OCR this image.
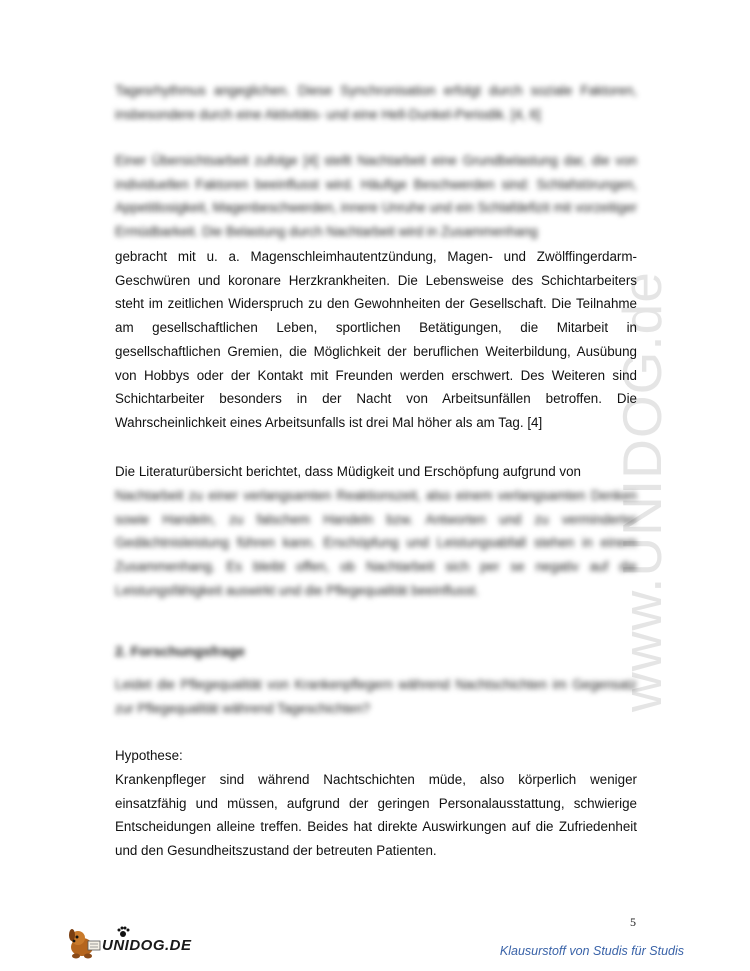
www.UNIDOG.de

Tagesrhythmus angeglichen. Diese Synchronisation erfolgt durch soziale Faktoren, insbesondere durch eine Aktivitäts- und eine Hell-Dunkel-Periodik. [4, 6]

Einer Übersichtsarbeit zufolge [4] stellt Nachtarbeit eine Grundbelastung dar, die von individuellen Faktoren beeinflusst wird. Häufige Beschwerden sind: Schlafstörungen, Appetitlosigkeit, Magenbeschwerden, innere Unruhe und ein Schlafdefizit mit vorzeitiger Ermüdbarkeit. Die Belastung durch Nachtarbeit wird in Zusammenhang

gebracht mit u. a. Magenschleimhautentzündung, Magen- und Zwölffingerdarm-Geschwüren und koronare Herzkrankheiten. Die Lebensweise des Schichtarbeiters steht im zeitlichen Widerspruch zu den Gewohnheiten der Gesellschaft. Die Teilnahme am gesellschaftlichen Leben, sportlichen Betätigungen, die Mitarbeit in gesellschaftlichen Gremien, die Möglichkeit der beruflichen Weiterbildung, Ausübung von Hobbys oder der Kontakt mit Freunden werden erschwert. Des Weiteren sind Schichtarbeiter besonders in der Nacht von Arbeitsunfällen betroffen. Die Wahrscheinlichkeit eines Arbeitsunfalls ist drei Mal höher als am Tag. [4]

Die Literaturübersicht berichtet, dass Müdigkeit und Erschöpfung aufgrund von

Nachtarbeit zu einer verlangsamten Reaktionszeit, also einem verlangsamten Denken sowie Handeln, zu falschem Handeln bzw. Antworten und zu verminderter Gedächtnisleistung führen kann. Erschöpfung und Leistungsabfall stehen in einem Zusammenhang. Es bleibt offen, ob Nachtarbeit sich per se negativ auf die Leistungsfähigkeit auswirkt und die Pflegequalität beeinflusst.

2. Forschungsfrage

Leidet die Pflegequalität von Krankenpflegern während Nachtschichten im Gegensatz zur Pflegequalität während Tageschichten?

Hypothese:

Krankenpfleger sind während Nachtschichten müde, also körperlich weniger einsatzfähig und müssen, aufgrund der geringen Personalausstattung, schwierige Entscheidungen alleine treffen. Beides hat direkte Auswirkungen auf die Zufriedenheit und den Gesundheitszustand der betreuten Patienten.

5
UNIDOG.DE	Klausurstoff von Studis für Studis
